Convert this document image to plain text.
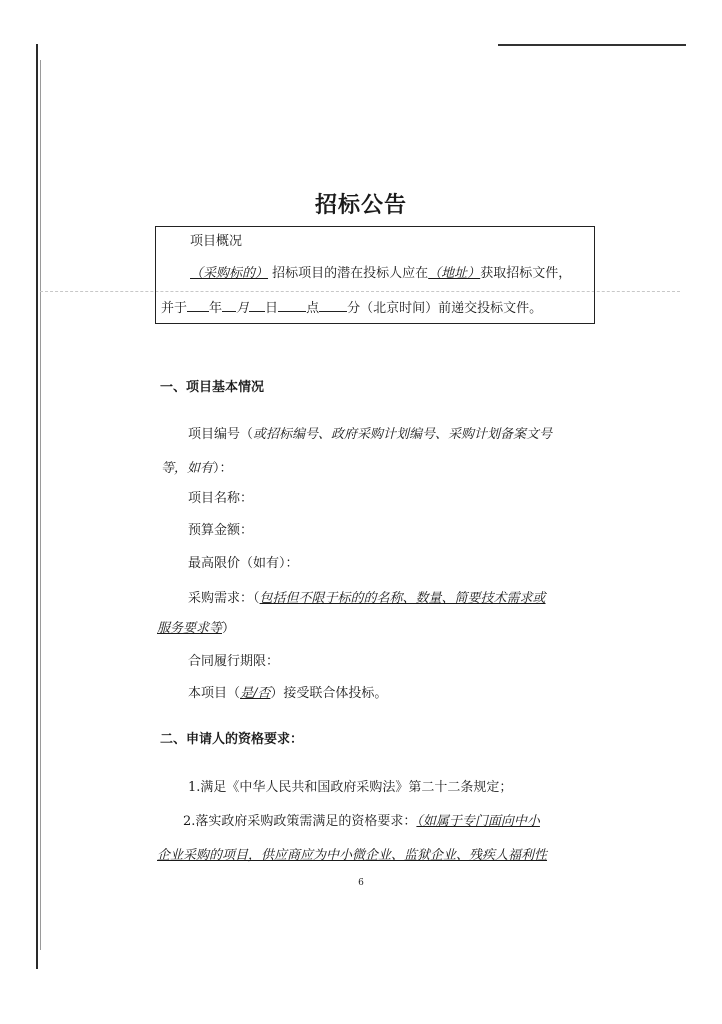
招标公告
项目概况
（采购标的） 招标项目的潜在投标人应在（地址）获取招标文件，
并于 年 月 日 点 分（北京时间）前递交投标文件。
一、项目基本情况
项目编号（或招标编号、政府采购计划编号、采购计划备案文号
等，如有）：
项目名称：
预算金额：
最高限价（如有）：
采购需求：（包括但不限于标的的名称、数量、简要技术需求或
服务要求等）
合同履行期限：
本项目（是/否）接受联合体投标。
二、申请人的资格要求：
1.满足《中华人民共和国政府采购法》第二十二条规定；
2.落实政府采购政策需满足的资格要求：（如属于专门面向中小
企业采购的项目，供应商应为中小微企业、监狱企业、残疾人福利性
6
